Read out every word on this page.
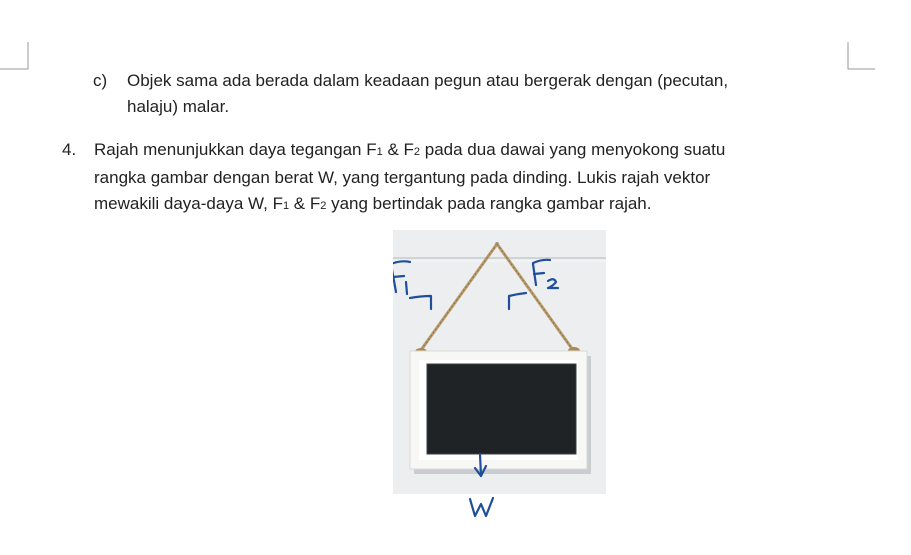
c) Objek sama ada berada dalam keadaan pegun atau bergerak dengan (pecutan,
halaju) malar.
4. Rajah menunjukkan daya tegangan F1 & F2 pada dua dawai yang menyokong suatu
rangka gambar dengan berat W, yang tergantung pada dinding. Lukis rajah vektor
mewakili daya-daya W, F1 & F2 yang bertindak pada rangka gambar rajah.
